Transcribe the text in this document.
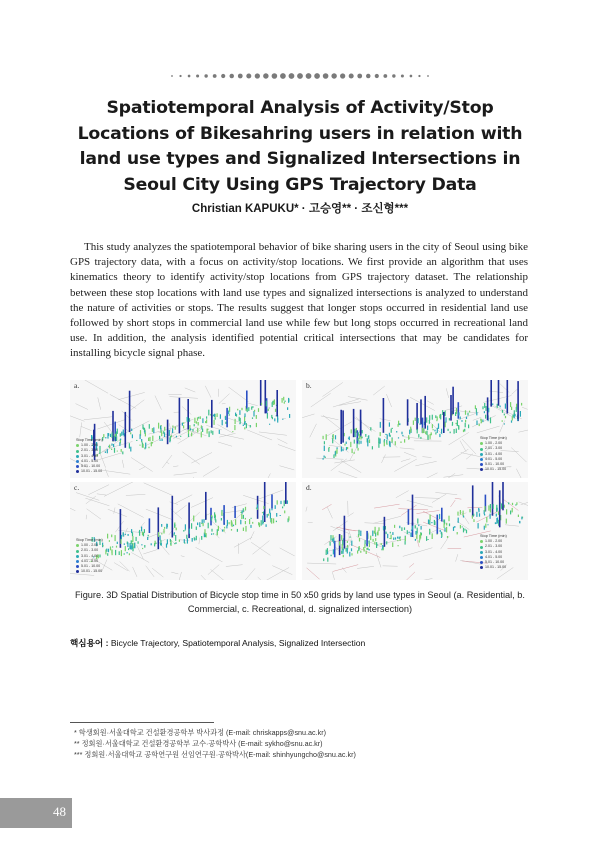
Spatiotemporal Analysis of Activity/Stop Locations of Bikesahring users in relation with land use types and Signalized Intersections in Seoul City Using GPS Trajectory Data
Christian KAPUKU* · 고승영** · 조신형***

This study analyzes the spatiotemporal behavior of bike sharing users in the city of Seoul using bike GPS trajectory data, with a focus on activity/stop locations. We first provide an algorithm that uses kinematics theory to identify activity/stop locations from GPS trajectory dataset. The relationship between these stop locations with land use types and signalized intersections is analyzed to understand the nature of activities or stops. The results suggest that longer stops occurred in residential land use followed by short stops in commercial land use while few but long stops occurred in recreational land use. In addition, the analysis identified potential critical intersections that may be candidates for installing bicycle signal phase.

a.
Stop Time (min)
1.00 - 2.00
2.01 - 3.00
3.01 - 4.00
4.01 - 5.00
5.01 - 10.00
10.01 - 15.00
b.
Stop Time (min)
1.00 - 2.00
2.01 - 3.00
3.01 - 4.00
4.01 - 5.00
5.01 - 10.00
10.01 - 15.00
c.
Stop Time (min)
1.00 - 2.00
2.01 - 3.00
3.01 - 4.00
4.01 - 5.00
5.01 - 10.00
10.01 - 15.00
d.
Stop Time (min)
1.00 - 2.00
2.01 - 3.00
3.01 - 4.00
4.01 - 5.00
5.01 - 10.00
10.01 - 15.00

Figure. 3D Spatial Distribution of Bicycle stop time in 50 x50 grids by land use types in Seoul (a. Residential, b. Commercial, c. Recreational, d. signalized intersection)

핵심용어 : Bicycle Trajectory, Spatiotemporal Analysis, Signalized Intersection
* 학생회원·서울대학교 건설환경공학부 박사과정 (E-mail: chriskapps@snu.ac.kr)
** 정회원·서울대학교 건설환경공학부 교수·공학박사 (E-mail: sykho@snu.ac.kr)
*** 정회원·서울대학교 공학연구원 선임연구원·공학박사(E-mail: shinhyungcho@snu.ac.kr)
48
